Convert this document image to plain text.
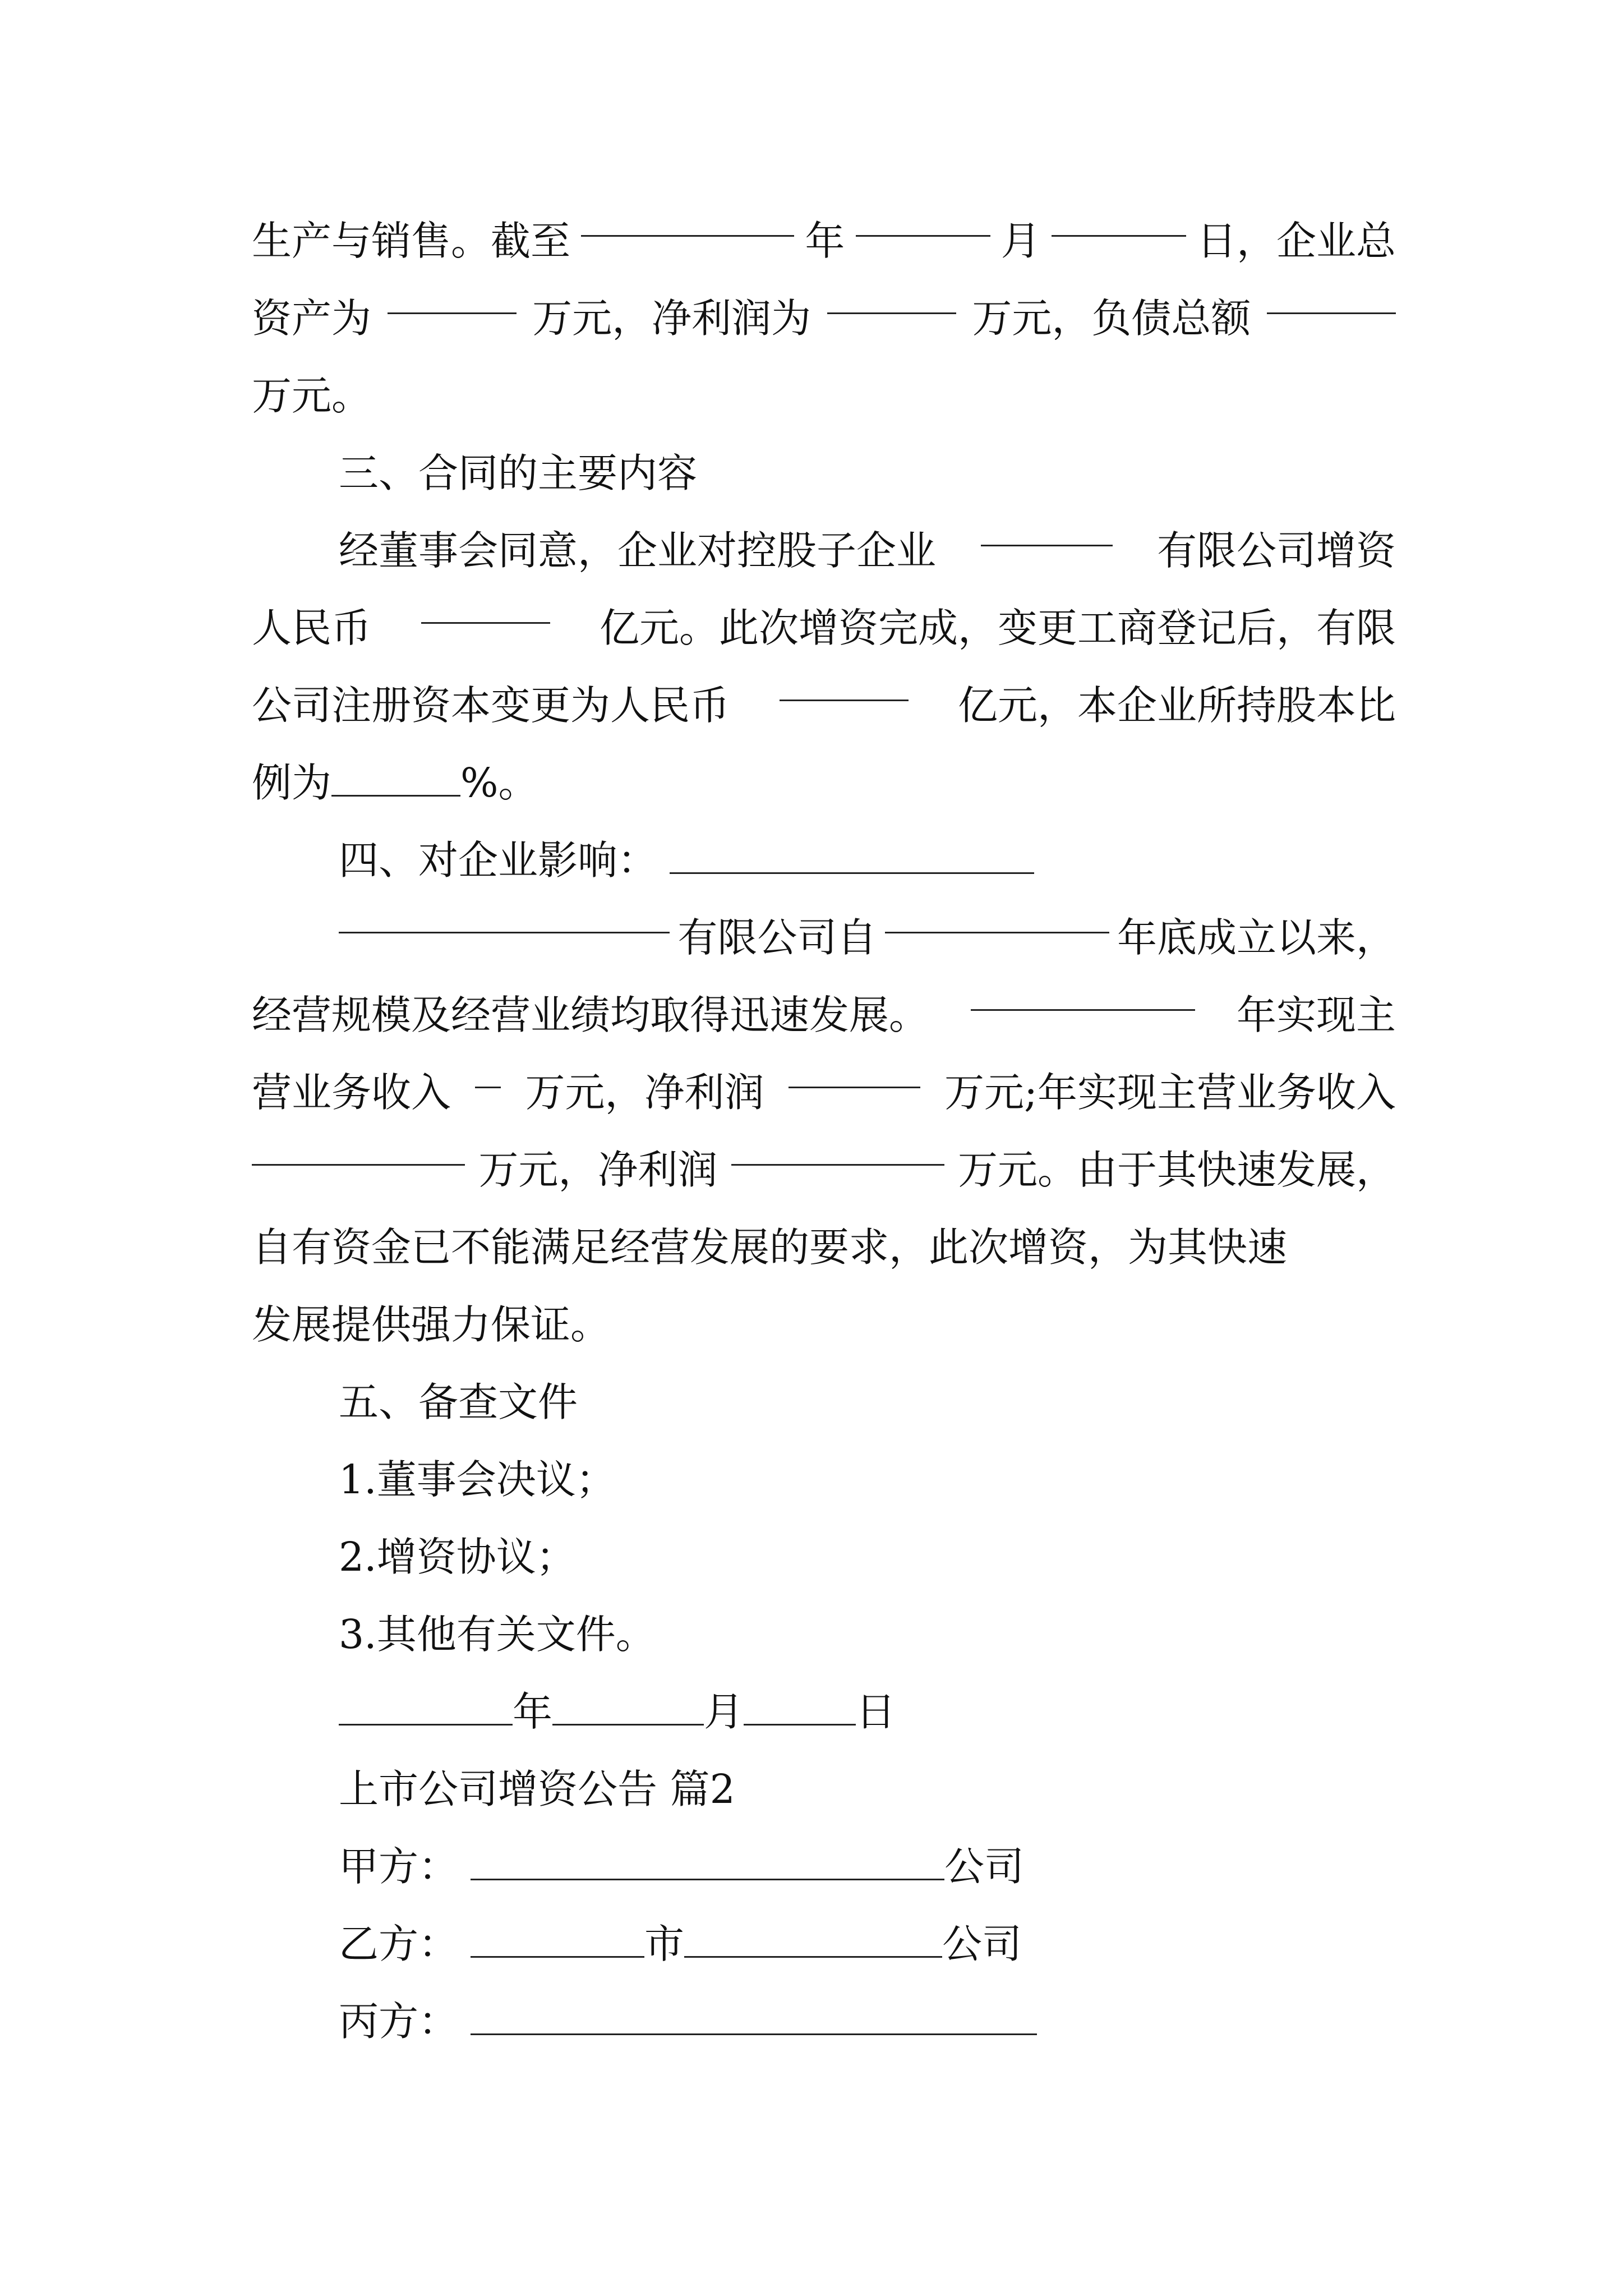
生产与销售。截至	年	月	日，企业总
资产为	万元，净利润为	万元，负债总额
万元。
三、合同的主要内容
经董事会同意，企业对控股子企业	有限公司增资
人民币	亿元。此次增资完成，变更工商登记后，有限
公司注册资本变更为人民币	亿元，本企业所持股本比
例为	%。
四、对企业影响：
有限公司自	年底成立以来，
经营规模及经营业绩均取得迅速发展。	年实现主
营业务收入 万元，净利润	万元;年实现主营业务收入
万元，净利润	万元。由于其快速发展，
自有资金已不能满足经营发展的要求，此次增资，为其快速
发展提供强力保证。
五、备查文件
1.董事会决议；
2.增资协议；
3.其他有关文件。
年	月	日
上市公司增资公告 篇2
甲方：	公司
乙方：	市	公司
丙方：
